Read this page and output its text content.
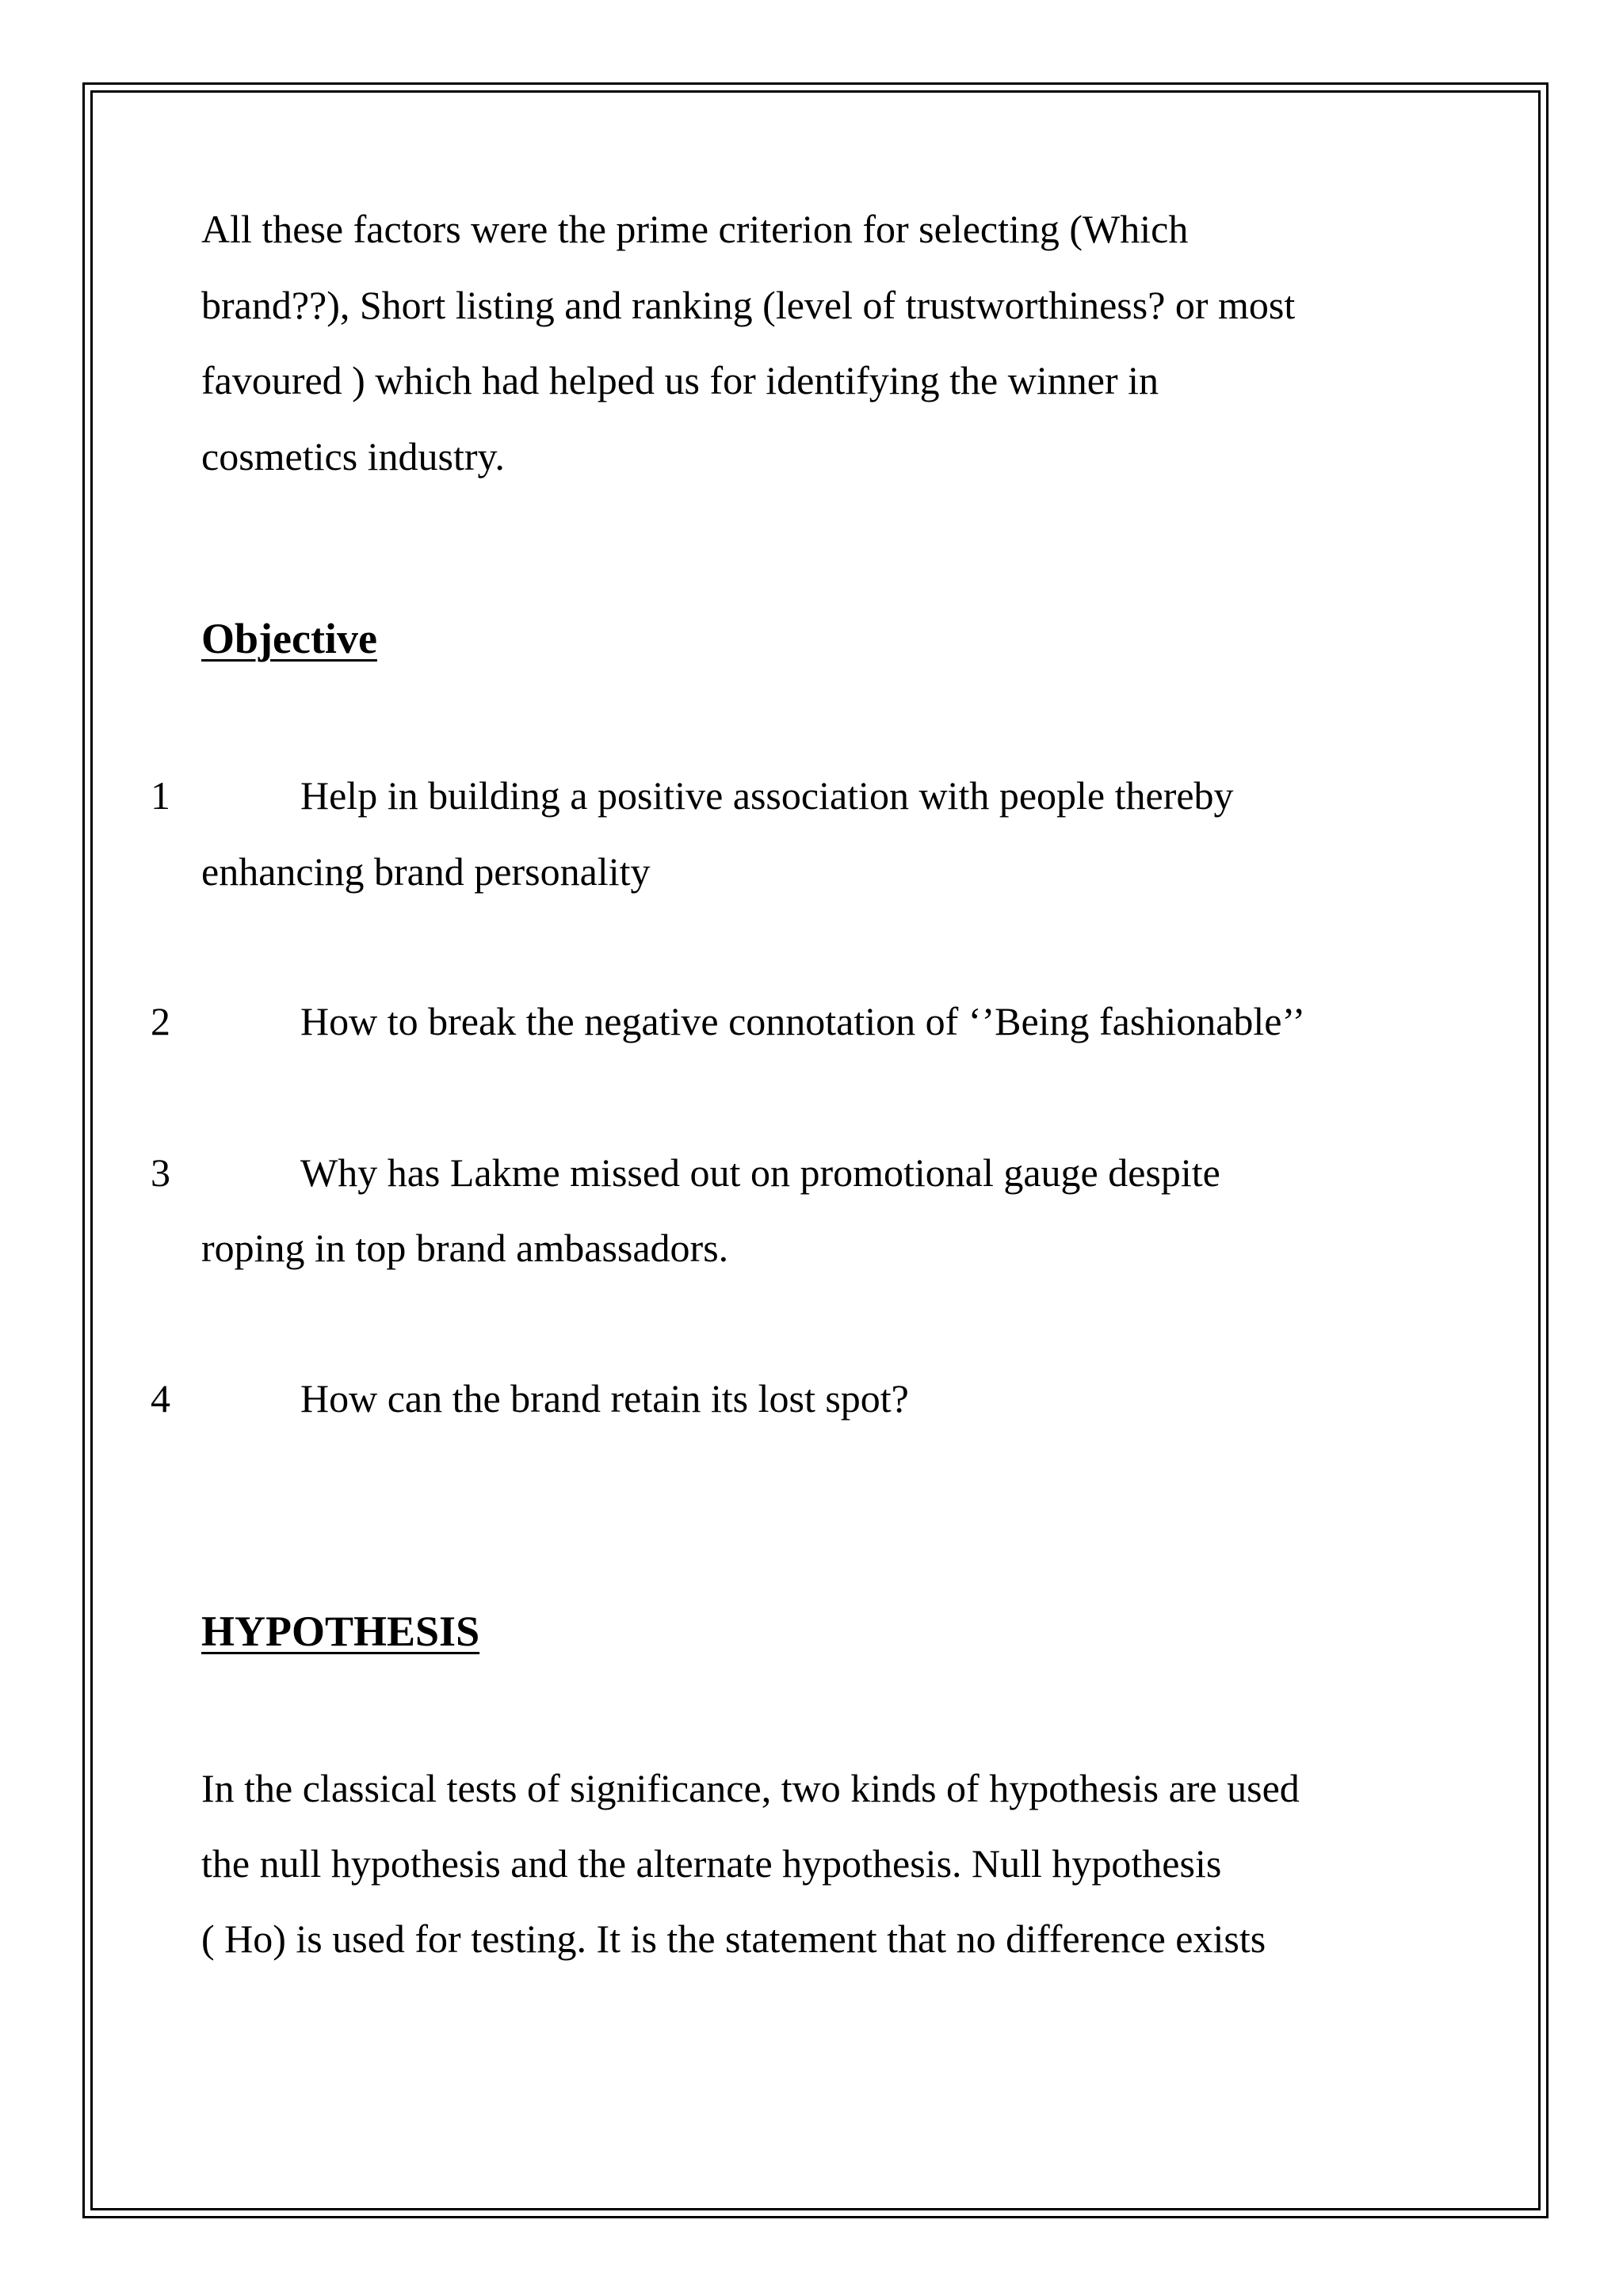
All these factors were the prime criterion for selecting (Which
brand??), Short listing and ranking (level of trustworthiness? or most
favoured ) which had helped us for identifying the winner in
cosmetics industry.
Objective
1	Help in building a positive association with people thereby
enhancing brand personality
2	How to break the negative connotation of ‘’Being fashionable’’
3	Why has Lakme missed out on promotional gauge despite
roping in top brand ambassadors.
4	How can the brand retain its lost spot?
HYPOTHESIS
In the classical tests of significance, two kinds of hypothesis are used
the null hypothesis and the alternate hypothesis. Null hypothesis
( Ho) is used for testing. It is the statement that no difference exists
